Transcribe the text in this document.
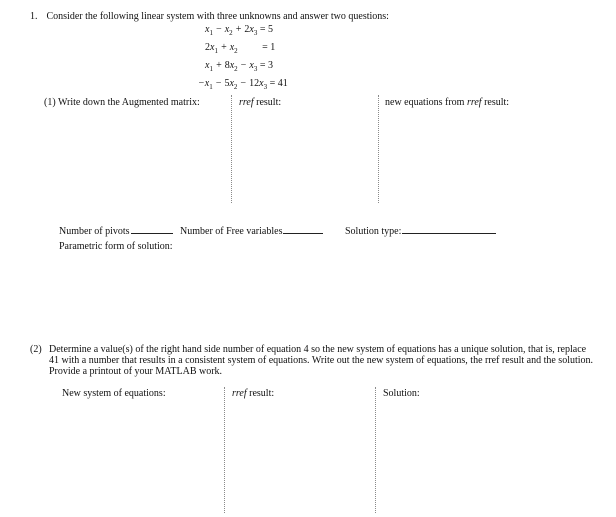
1. Consider the following linear system with three unknowns and answer two questions:
$x_1 - x_2 + 2x_3 = 5$
$2x_1 + x_2 = 1$
$x_1 + 8x_2 - x_3 = 3$
$-x_1 - 5x_2 - 12x_3 = 41$
(1) Write down the Augmented matrix:	rref result:	new equations from rref result:
Number of pivots	Number of Free variables	Solution type:
Parametric form of solution:
(2) Determine a value(s) of the right hand side number of equation 4 so the new system of equations has a unique solution, that is, replace 41 with a number that results in a consistent system of equations. Write out the new system of equations, the rref result and the solution. Provide a printout of your MATLAB work.
New system of equations:	rref result:	Solution:
